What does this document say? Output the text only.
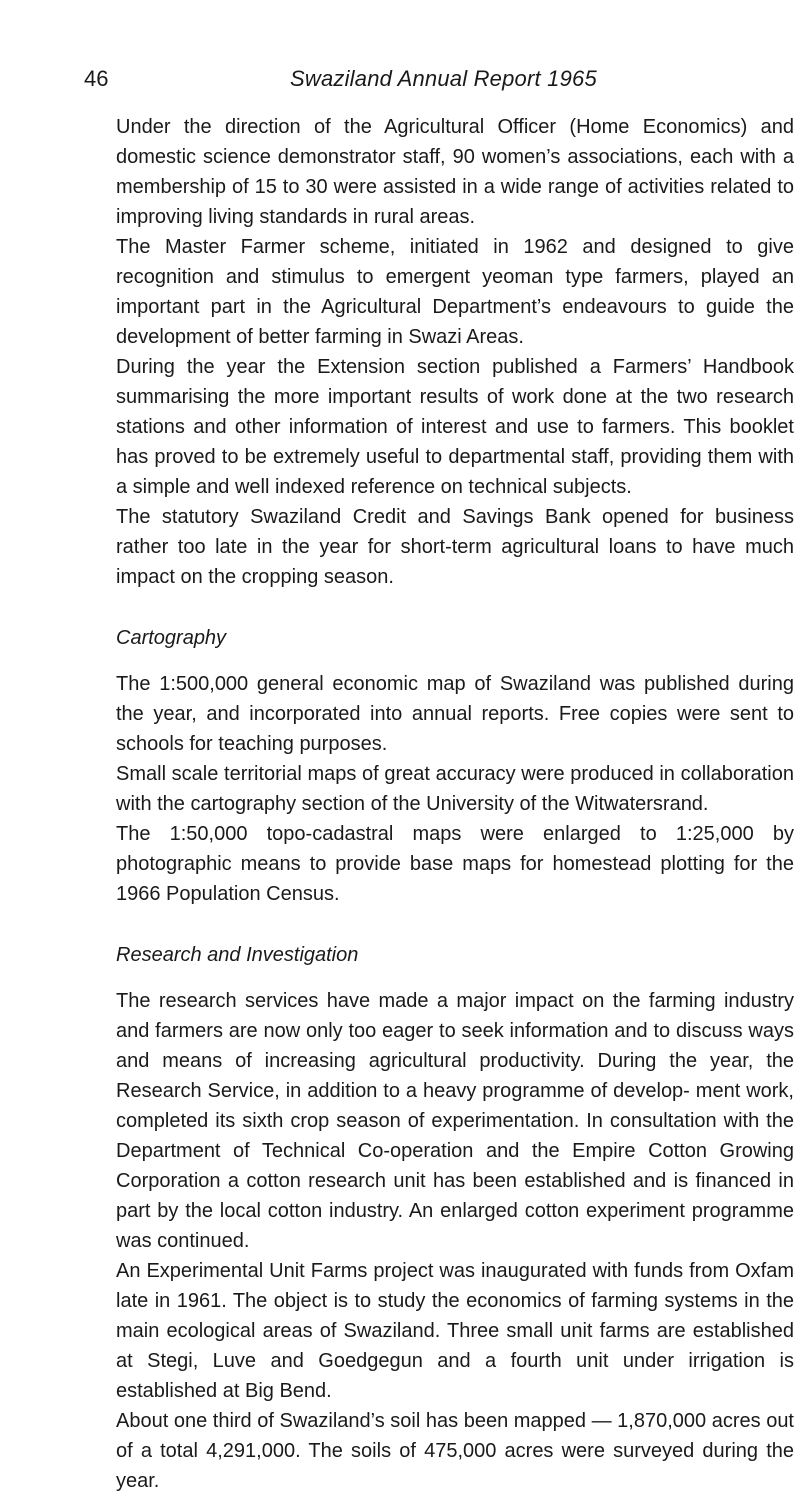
46	Swaziland Annual Report 1965

Under the direction of the Agricultural Officer (Home Economics) and domestic science demonstrator staff, 90 women’s associations, each with a membership of 15 to 30 were assisted in a wide range of activities related to improving living standards in rural areas.

The Master Farmer scheme, initiated in 1962 and designed to give recognition and stimulus to emergent yeoman type farmers, played an important part in the Agricultural Department’s endeavours to guide the development of better farming in Swazi Areas.

During the year the Extension section published a Farmers’ Handbook summarising the more important results of work done at the two research stations and other information of interest and use to farmers. This booklet has proved to be extremely useful to departmental staff, providing them with a simple and well indexed reference on technical subjects.

The statutory Swaziland Credit and Savings Bank opened for business rather too late in the year for short-term agricultural loans to have much impact on the cropping season.

Cartography

The 1:500,000 general economic map of Swaziland was published during the year, and incorporated into annual reports. Free copies were sent to schools for teaching purposes.

Small scale territorial maps of great accuracy were produced in collaboration with the cartography section of the University of the Witwatersrand.

The 1:50,000 topo-cadastral maps were enlarged to 1:25,000 by photographic means to provide base maps for homestead plotting for the 1966 Population Census.

Research and Investigation

The research services have made a major impact on the farming industry and farmers are now only too eager to seek information and to discuss ways and means of increasing agricultural productivity. During the year, the Research Service, in addition to a heavy programme of develop- ment work, completed its sixth crop season of experimentation. In consultation with the Department of Technical Co-operation and the Empire Cotton Growing Corporation a cotton research unit has been established and is financed in part by the local cotton industry. An enlarged cotton experiment programme was continued.

An Experimental Unit Farms project was inaugurated with funds from Oxfam late in 1961. The object is to study the economics of farming systems in the main ecological areas of Swaziland. Three small unit farms are established at Stegi, Luve and Goedgegun and a fourth unit under irrigation is established at Big Bend.

About one third of Swaziland’s soil has been mapped — 1,870,000 acres out of a total 4,291,000. The soils of 475,000 acres were surveyed during the year.
